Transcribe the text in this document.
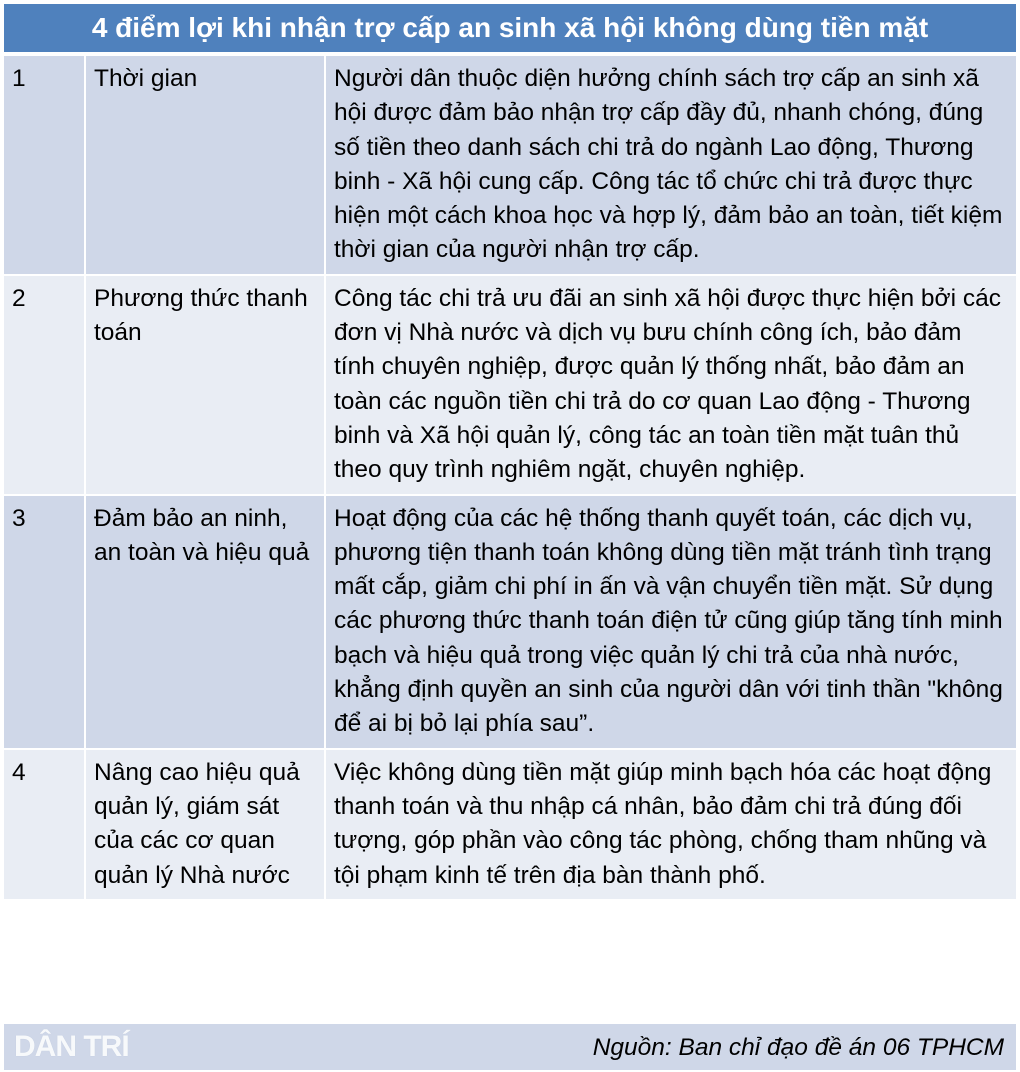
4 điểm lợi khi nhận trợ cấp an sinh xã hội không dùng tiền mặt
1	Thời gian	Người dân thuộc diện hưởng chính sách trợ cấp an sinh xã hội được đảm bảo nhận trợ cấp đầy đủ, nhanh chóng, đúng số tiền theo danh sách chi trả do ngành Lao động, Thương binh - Xã hội cung cấp. Công tác tổ chức chi trả được thực hiện một cách khoa học và hợp lý, đảm bảo an toàn, tiết kiệm thời gian của người nhận trợ cấp.
2	Phương thức thanh toán	Công tác chi trả ưu đãi an sinh xã hội được thực hiện bởi các đơn vị Nhà nước và dịch vụ bưu chính công ích, bảo đảm tính chuyên nghiệp, được quản lý thống nhất, bảo đảm an toàn các nguồn tiền chi trả do cơ quan Lao động - Thương binh và Xã hội quản lý, công tác an toàn tiền mặt tuân thủ theo quy trình nghiêm ngặt, chuyên nghiệp.
3	Đảm bảo an ninh, an toàn và hiệu quả	Hoạt động của các hệ thống thanh quyết toán, các dịch vụ, phương tiện thanh toán không dùng tiền mặt tránh tình trạng mất cắp, giảm chi phí in ấn và vận chuyển tiền mặt. Sử dụng các phương thức thanh toán điện tử cũng giúp tăng tính minh bạch và hiệu quả trong việc quản lý chi trả của nhà nước, khẳng định quyền an sinh của người dân với tinh thần "không để ai bị bỏ lại phía sau”.
4	Nâng cao hiệu quả quản lý, giám sát của các cơ quan quản lý Nhà nước	Việc không dùng tiền mặt giúp minh bạch hóa các hoạt động thanh toán và thu nhập cá nhân, bảo đảm chi trả đúng đối tượng, góp phần vào công tác phòng, chống tham nhũng và tội phạm kinh tế trên địa bàn thành phố.
DÂN TRÍ	Nguồn: Ban chỉ đạo đề án 06 TPHCM
